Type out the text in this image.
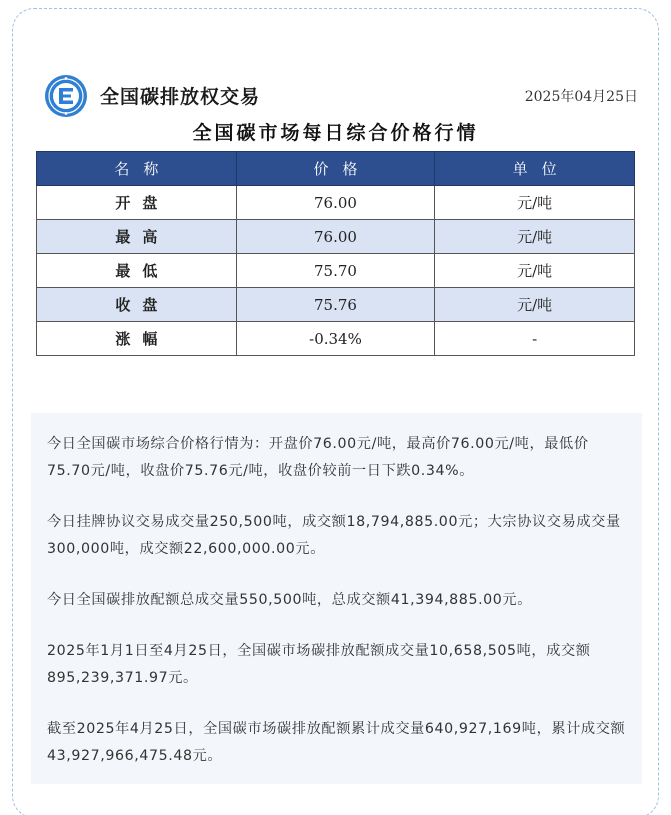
全国碳排放权交易	2025年04月25日
全国碳市场每日综合价格行情
名称	价格	单位
开盘	76.00	元/吨
最高	76.00	元/吨
最低	75.70	元/吨
收盘	75.76	元/吨
涨幅	-0.34%	-

今日全国碳市场综合价格行情为：开盘价76.00元/吨，最高价76.00元/吨，最低价75.70元/吨，收盘价75.76元/吨，收盘价较前一日下跌0.34%。

今日挂牌协议交易成交量250,500吨，成交额18,794,885.00元；大宗协议交易成交量300,000吨，成交额22,600,000.00元。

今日全国碳排放配额总成交量550,500吨，总成交额41,394,885.00元。

2025年1月1日至4月25日，全国碳市场碳排放配额成交量10,658,505吨，成交额895,239,371.97元。

截至2025年4月25日，全国碳市场碳排放配额累计成交量640,927,169吨，累计成交额43,927,966,475.48元。
